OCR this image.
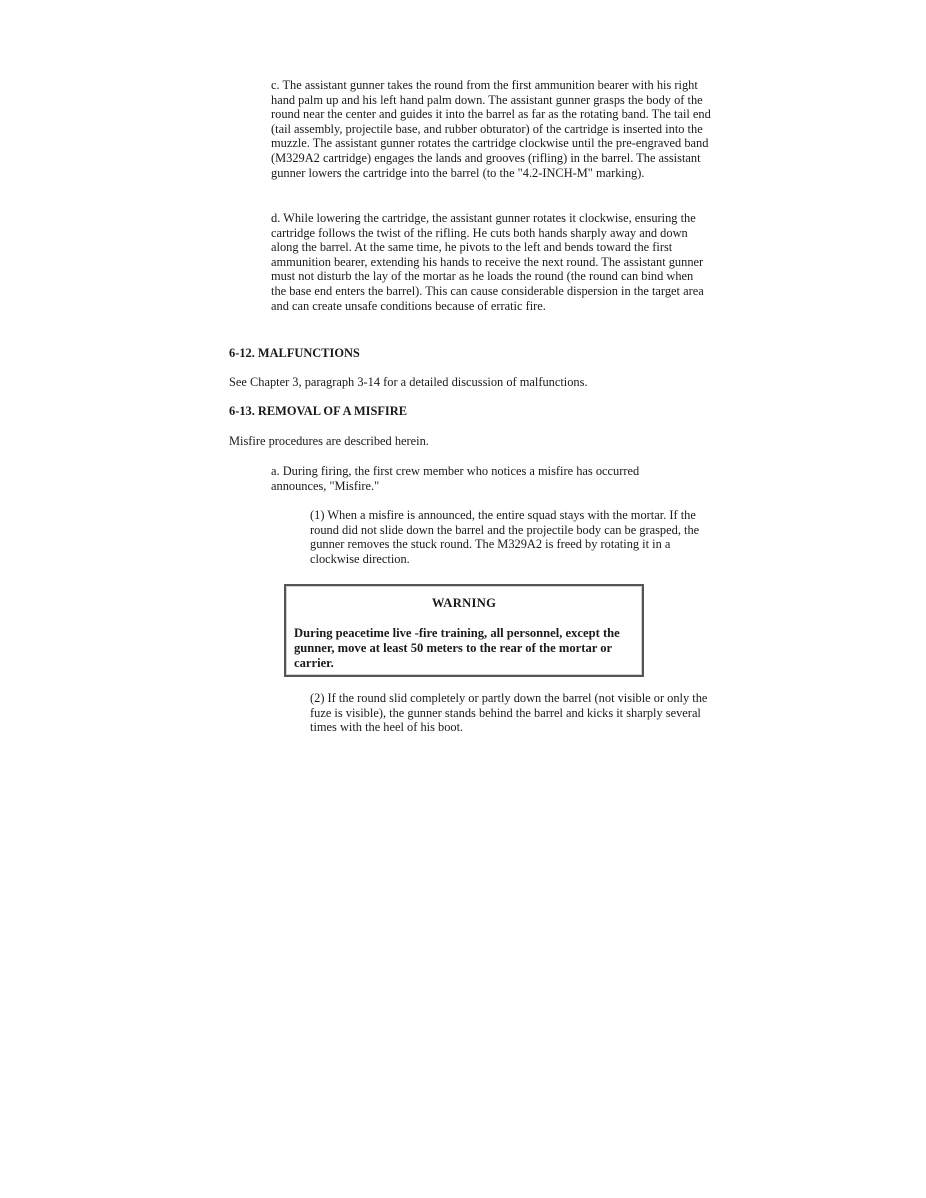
c. The assistant gunner takes the round from the first ammunition bearer with his right hand palm up and his left hand palm down. The assistant gunner grasps the body of the round near the center and guides it into the barrel as far as the rotating band. The tail end (tail assembly, projectile base, and rubber obturator) of the cartridge is inserted into the muzzle. The assistant gunner rotates the cartridge clockwise until the pre-engraved band (M329A2 cartridge) engages the lands and grooves (rifling) in the barrel. The assistant gunner lowers the cartridge into the barrel (to the "4.2-INCH-M" marking).

d. While lowering the cartridge, the assistant gunner rotates it clockwise, ensuring the cartridge follows the twist of the rifling. He cuts both hands sharply away and down along the barrel. At the same time, he pivots to the left and bends toward the first ammunition bearer, extending his hands to receive the next round. The assistant gunner must not disturb the lay of the mortar as he loads the round (the round can bind when the base end enters the barrel). This can cause considerable dispersion in the target area and can create unsafe conditions because of erratic fire.

6-12. MALFUNCTIONS

See Chapter 3, paragraph 3-14 for a detailed discussion of malfunctions.

6-13. REMOVAL OF A MISFIRE

Misfire procedures are described herein.

a. During firing, the first crew member who notices a misfire has occurred announces, "Misfire."

(1) When a misfire is announced, the entire squad stays with the mortar. If the round did not slide down the barrel and the projectile body can be grasped, the gunner removes the stuck round. The M329A2 is freed by rotating it in a clockwise direction.

WARNING

During peacetime live -fire training, all personnel, except the gunner, move at least 50 meters to the rear of the mortar or carrier.

(2) If the round slid completely or partly down the barrel (not visible or only the fuze is visible), the gunner stands behind the barrel and kicks it sharply several times with the heel of his boot.
